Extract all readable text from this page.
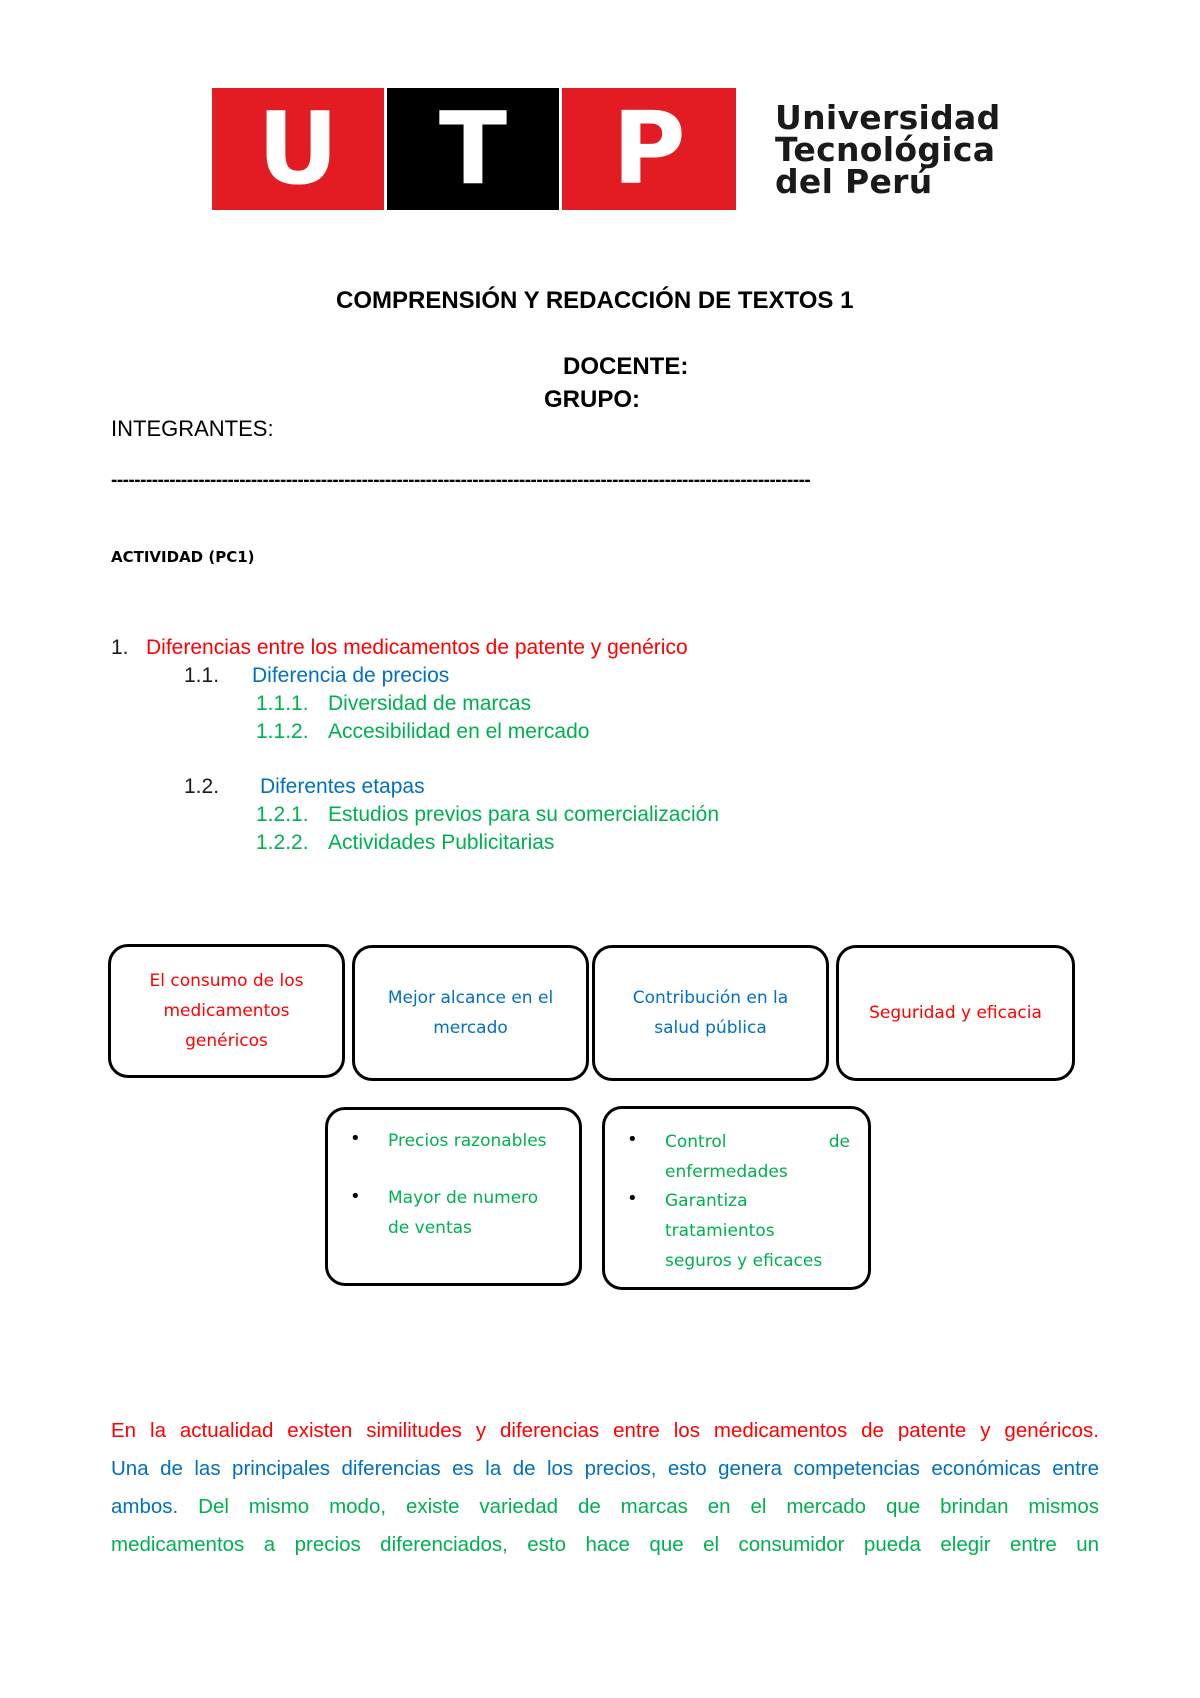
U	T	P	Universidad
Tecnológica
del Perú
COMPRENSIÓN Y REDACCIÓN DE TEXTOS 1
DOCENTE:
GRUPO:
INTEGRANTES:
------------------------------------------------------------------------------------------------------------------------
ACTIVIDAD (PC1)
1. Diferencias entre los medicamentos de patente y genérico
1.1. Diferencia de precios
1.1.1. Diversidad de marcas
1.1.2. Accesibilidad en el mercado
1.2. Diferentes etapas
1.2.1. Estudios previos para su comercialización
1.2.2. Actividades Publicitarias
El consumo de los
medicamentos
genéricos
Mejor alcance en el
mercado
Contribución en la
salud pública
Seguridad y eficacia
• Precios razonables
• Mayor de numero
de ventas
• Control	de
enfermedades
• Garantiza
tratamientos
seguros y eficaces
En la actualidad existen similitudes y diferencias entre los medicamentos de patente y genéricos.
Una de las principales diferencias es la de los precios, esto genera competencias económicas entre
ambos. Del mismo modo, existe variedad de marcas en el mercado que brindan mismos
medicamentos a precios diferenciados, esto hace que el consumidor pueda elegir entre un
